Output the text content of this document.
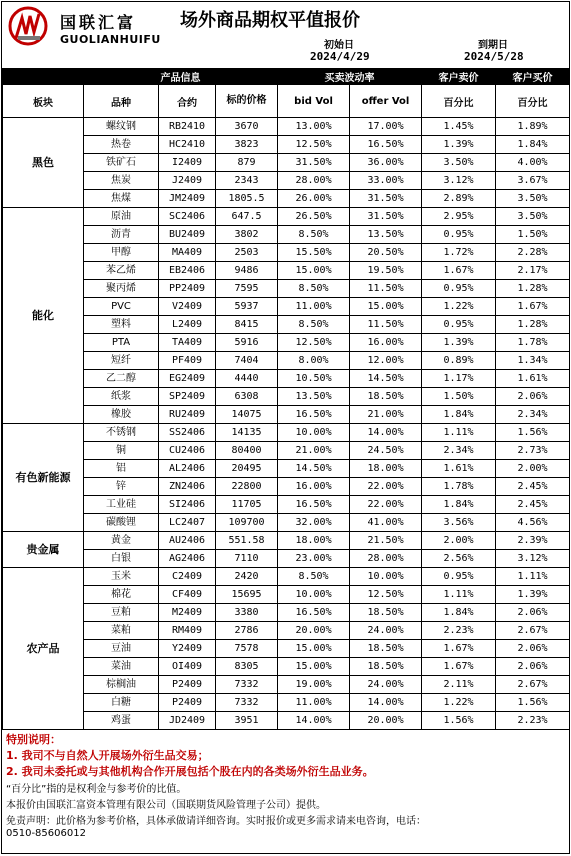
国联汇富
GUOLIANHUIFU
场外商品期权平值报价
初始日
2024/4/29
到期日
2024/5/28
	产品信息			买卖波动率		客户卖价	客户买价
板块	品种	合约	标的价格	bid Vol	offer Vol	百分比	百分比
黑色	螺纹钢	RB2410	3670	13.00%	17.00%	1.45%	1.89%
	热卷	HC2410	3823	12.50%	16.50%	1.39%	1.84%
	铁矿石	I2409	879	31.50%	36.00%	3.50%	4.00%
	焦炭	J2409	2343	28.00%	33.00%	3.12%	3.67%
	焦煤	JM2409	1805.5	26.00%	31.50%	2.89%	3.50%
能化	原油	SC2406	647.5	26.50%	31.50%	2.95%	3.50%
	沥青	BU2409	3802	8.50%	13.50%	0.95%	1.50%
	甲醇	MA409	2503	15.50%	20.50%	1.72%	2.28%
	苯乙烯	EB2406	9486	15.00%	19.50%	1.67%	2.17%
	聚丙烯	PP2409	7595	8.50%	11.50%	0.95%	1.28%
	PVC	V2409	5937	11.00%	15.00%	1.22%	1.67%
	塑料	L2409	8415	8.50%	11.50%	0.95%	1.28%
	PTA	TA409	5916	12.50%	16.00%	1.39%	1.78%
	短纤	PF409	7404	8.00%	12.00%	0.89%	1.34%
	乙二醇	EG2409	4440	10.50%	14.50%	1.17%	1.61%
	纸浆	SP2409	6308	13.50%	18.50%	1.50%	2.06%
	橡胶	RU2409	14075	16.50%	21.00%	1.84%	2.34%
有色新能源	不锈钢	SS2406	14135	10.00%	14.00%	1.11%	1.56%
	铜	CU2406	80400	21.00%	24.50%	2.34%	2.73%
	铝	AL2406	20495	14.50%	18.00%	1.61%	2.00%
	锌	ZN2406	22800	16.00%	22.00%	1.78%	2.45%
	工业硅	SI2406	11705	16.50%	22.00%	1.84%	2.45%
	碳酸锂	LC2407	109700	32.00%	41.00%	3.56%	4.56%
贵金属	黄金	AU2406	551.58	18.00%	21.50%	2.00%	2.39%
	白银	AG2406	7110	23.00%	28.00%	2.56%	3.12%
农产品	玉米	C2409	2420	8.50%	10.00%	0.95%	1.11%
	棉花	CF409	15695	10.00%	12.50%	1.11%	1.39%
	豆粕	M2409	3380	16.50%	18.50%	1.84%	2.06%
	菜粕	RM409	2786	20.00%	24.00%	2.23%	2.67%
	豆油	Y2409	7578	15.00%	18.50%	1.67%	2.06%
	菜油	OI409	8305	15.00%	18.50%	1.67%	2.06%
	棕榈油	P2409	7332	19.00%	24.00%	2.11%	2.67%
	白糖	P2409	7332	11.00%	14.00%	1.22%	1.56%
	鸡蛋	JD2409	3951	14.00%	20.00%	1.56%	2.23%
特别说明：
1. 我司不与自然人开展场外衍生品交易；
2. 我司未委托或与其他机构合作开展包括个股在内的各类场外衍生品业务。
“百分比”指的是权利金与参考价的比值。
本报价由国联汇富资本管理有限公司（国联期货风险管理子公司）提供。
免责声明：此价格为参考价格，具体承做请详细咨询。实时报价或更多需求请来电咨询，电话：
0510-85606012
